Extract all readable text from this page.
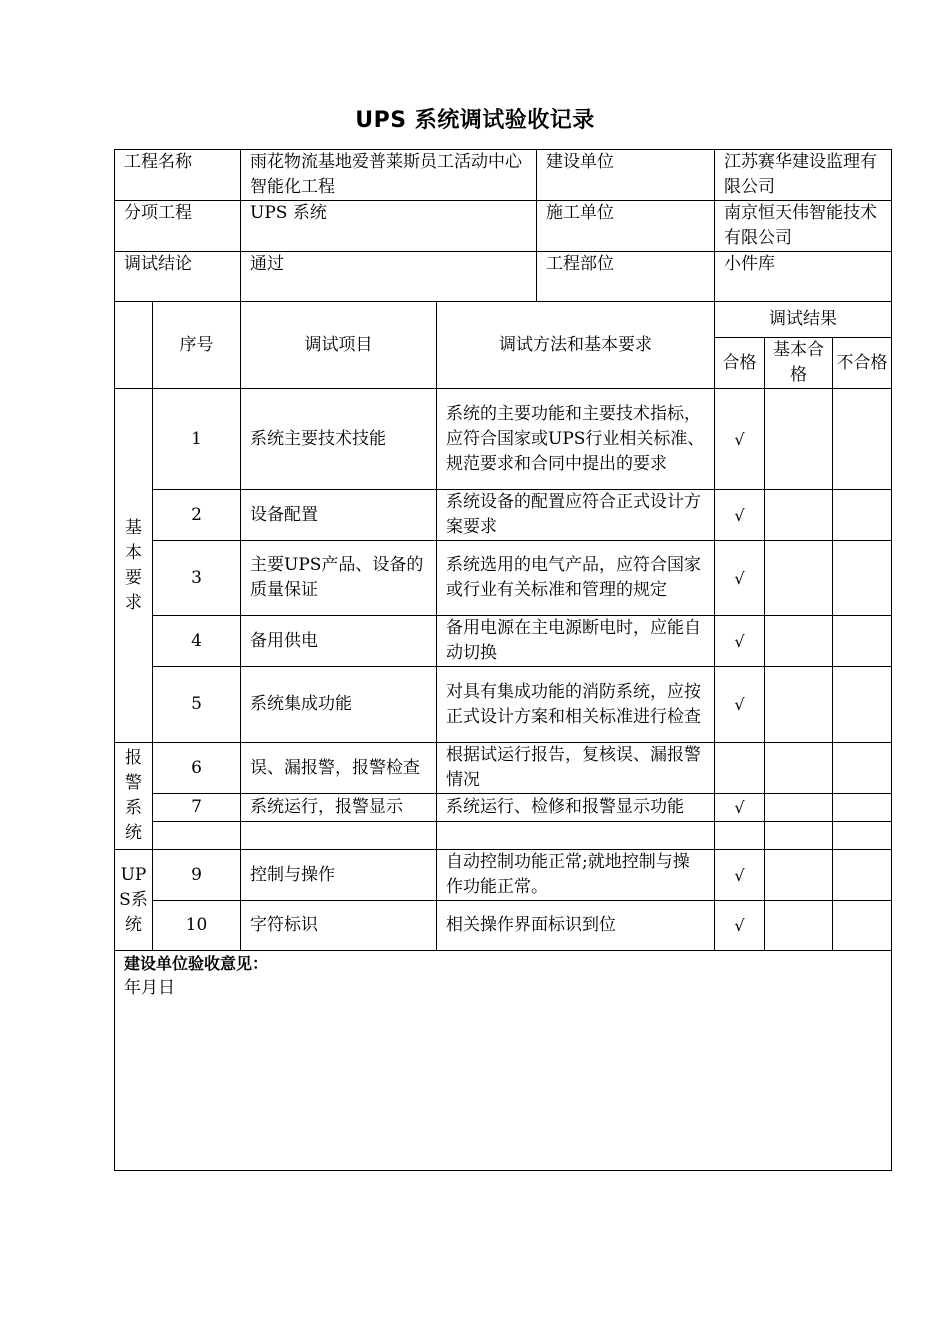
UPS 系统调试验收记录
工程名称		雨花物流基地爱普莱斯员工活动中心智能化工程		建设单位	江苏赛华建设监理有限公司		
分项工程		UPS 系统		施工单位	南京恒天伟智能技术有限公司		
调试结论		通过		工程部位	小件库		
	序号	调试项目	调试方法和基本要求		调试结果		
					合格	基本合格	不合格
基本要求	1	系统主要技术技能	系统的主要功能和主要技术指标，应符合国家或UPS行业相关标准、规范要求和合同中提出的要求		√		
	2	设备配置	系统设备的配置应符合正式设计方案要求		√		
	3	主要UPS产品、设备的质量保证	系统选用的电气产品，应符合国家或行业有关标准和管理的规定		√		
	4	备用供电	备用电源在主电源断电时，应能自动切换		√		
	5	系统集成功能	对具有集成功能的消防系统，应按正式设计方案和相关标准进行检查		√		
报警系统	6	误、漏报警，报警检查	根据试运行报告，复核误、漏报警情况				
	7	系统运行，报警显示	系统运行、检修和报警显示功能		√		

UPS系统	9	控制与操作	自动控制功能正常;就地控制与操作功能正常。		√		
	10	字符标识	相关操作界面标识到位		√		

建设单位验收意见：
年月日							
